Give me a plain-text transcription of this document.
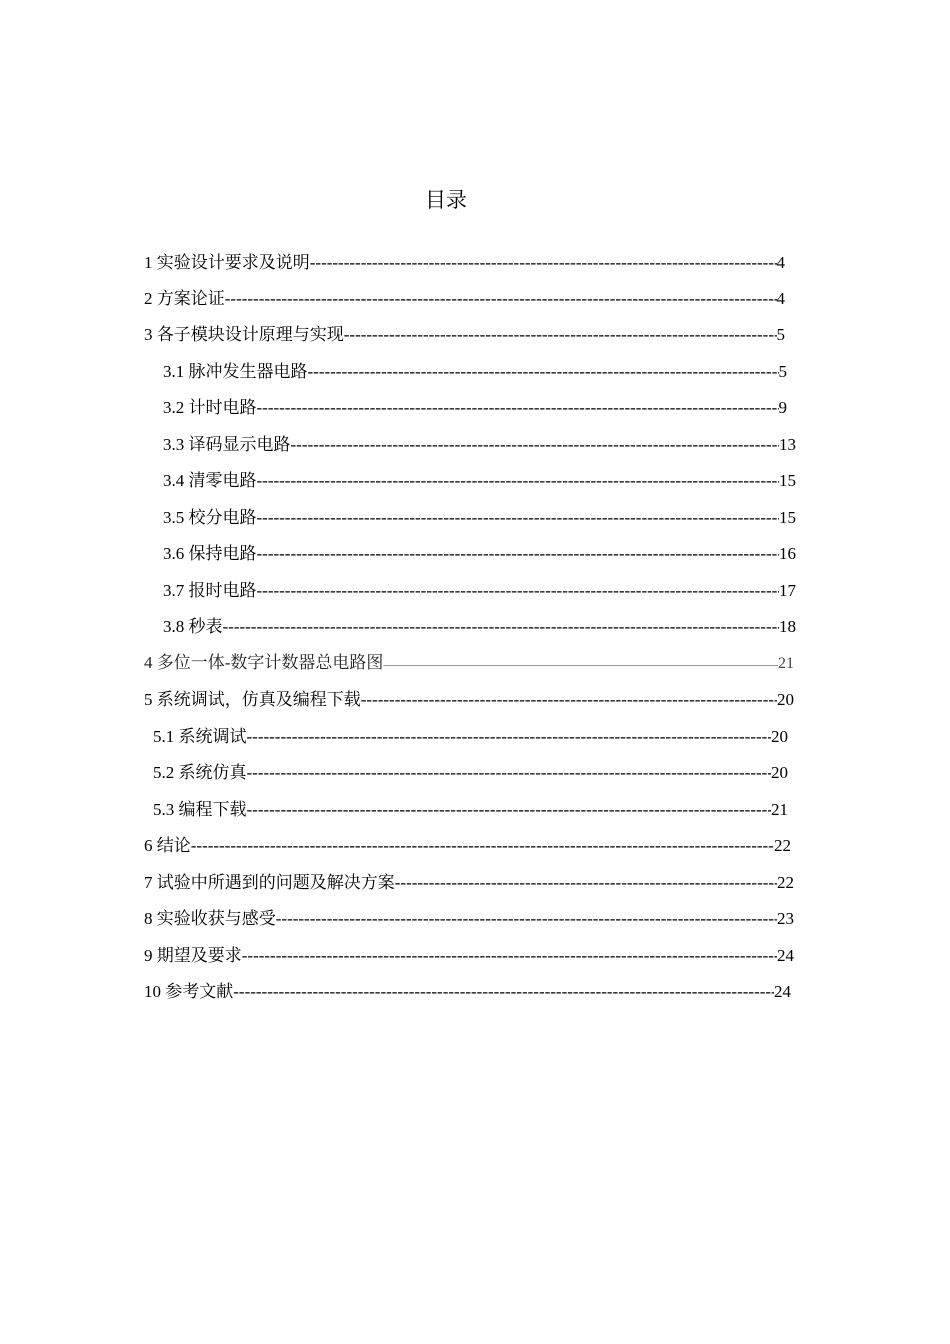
目录
1 实验设计要求及说明 -----	4
2 方案论证 -----	4
3 各子模块设计原理与实现 -----	5
3.1 脉冲发生器电路 -----	5
3.2 计时电路 -----	9
3.3 译码显示电路 -----	13
3.4 清零电路 -----	15
3.5 校分电路 -----	15
3.6 保持电路 -----	16
3.7 报时电路 -----	17
3.8 秒表 -----	18
4 多位一体-数字计数器总电路图 —————	21
5 系统调试，仿真及编程下载 -----	20
5.1 系统调试 -----	20
5.2 系统仿真 -----	20
5.3 编程下载 -----	21
6 结论 -----	22
7 试验中所遇到的问题及解决方案 -----	22
8 实验收获与感受 -----	23
9 期望及要求 -----	24
10 参考文献 -----	24
